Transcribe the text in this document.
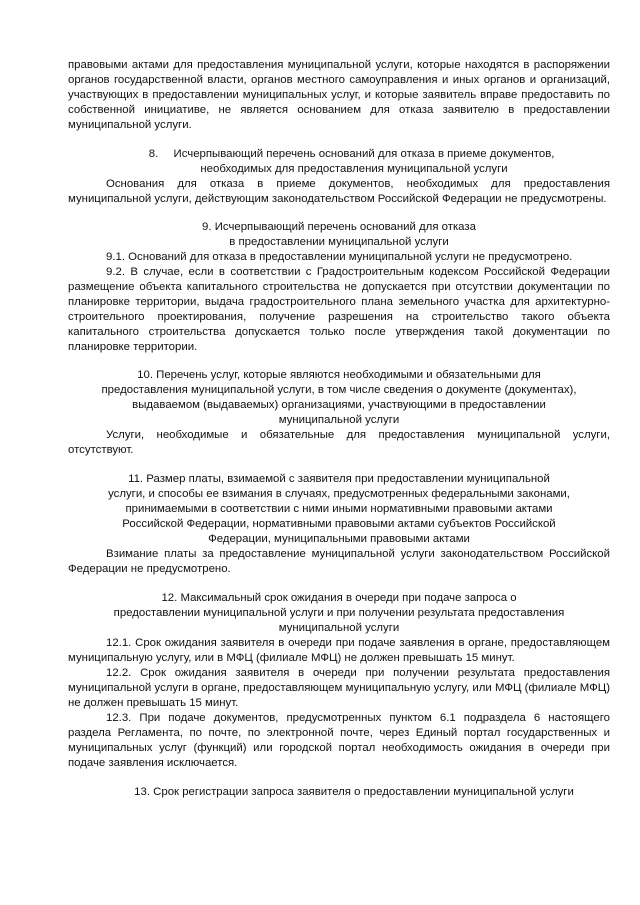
правовыми актами для предоставления муниципальной услуги, которые находятся в распоряжении органов государственной власти, органов местного самоуправления и иных органов и организаций, участвующих в предоставлении муниципальных услуг, и которые заявитель вправе предоставить по собственной инициативе, не является основанием для отказа заявителю в предоставлении муниципальной услуги.

8. Исчерпывающий перечень оснований для отказа в приеме документов,

необходимых для предоставления муниципальной услуги

Основания для отказа в приеме документов, необходимых для предоставления муниципальной услуги, действующим законодательством Российской Федерации не предусмотрены.

9. Исчерпывающий перечень оснований для отказа

в предоставлении муниципальной услуги

9.1. Оснований для отказа в предоставлении муниципальной услуги не предусмотрено.

9.2. В случае, если в соответствии с Градостроительным кодексом Российской Федерации размещение объекта капитального строительства не допускается при отсутствии документации по планировке территории, выдача градостроительного плана земельного участка для архитектурно-строительного проектирования, получение разрешения на строительство такого объекта капитального строительства допускается только после утверждения такой документации по планировке территории.

10. Перечень услуг, которые являются необходимыми и обязательными для

предоставления муниципальной услуги, в том числе сведения о документе (документах),

выдаваемом (выдаваемых) организациями, участвующими в предоставлении

муниципальной услуги

Услуги, необходимые и обязательные для предоставления муниципальной услуги, отсутствуют.

11. Размер платы, взимаемой с заявителя при предоставлении муниципальной

услуги, и способы ее взимания в случаях, предусмотренных федеральными законами,

принимаемыми в соответствии с ними иными нормативными правовыми актами

Российской Федерации, нормативными правовыми актами субъектов Российской

Федерации, муниципальными правовыми актами

Взимание платы за предоставление муниципальной услуги законодательством Российской Федерации не предусмотрено.

12. Максимальный срок ожидания в очереди при подаче запроса о

предоставлении муниципальной услуги и при получении результата предоставления

муниципальной услуги

12.1. Срок ожидания заявителя в очереди при подаче заявления в органе, предоставляющем муниципальную услугу, или в МФЦ (филиале МФЦ) не должен превышать 15 минут.

12.2. Срок ожидания заявителя в очереди при получении результата предоставления муниципальной услуги в органе, предоставляющем муниципальную услугу, или МФЦ (филиале МФЦ) не должен превышать 15 минут.

12.3. При подаче документов, предусмотренных пунктом 6.1 подраздела 6 настоящего раздела Регламента, по почте, по электронной почте, через Единый портал государственных и муниципальных услуг (функций) или городской портал необходимость ожидания в очереди при подаче заявления исключается.

13. Срок регистрации запроса заявителя о предоставлении муниципальной услуги
